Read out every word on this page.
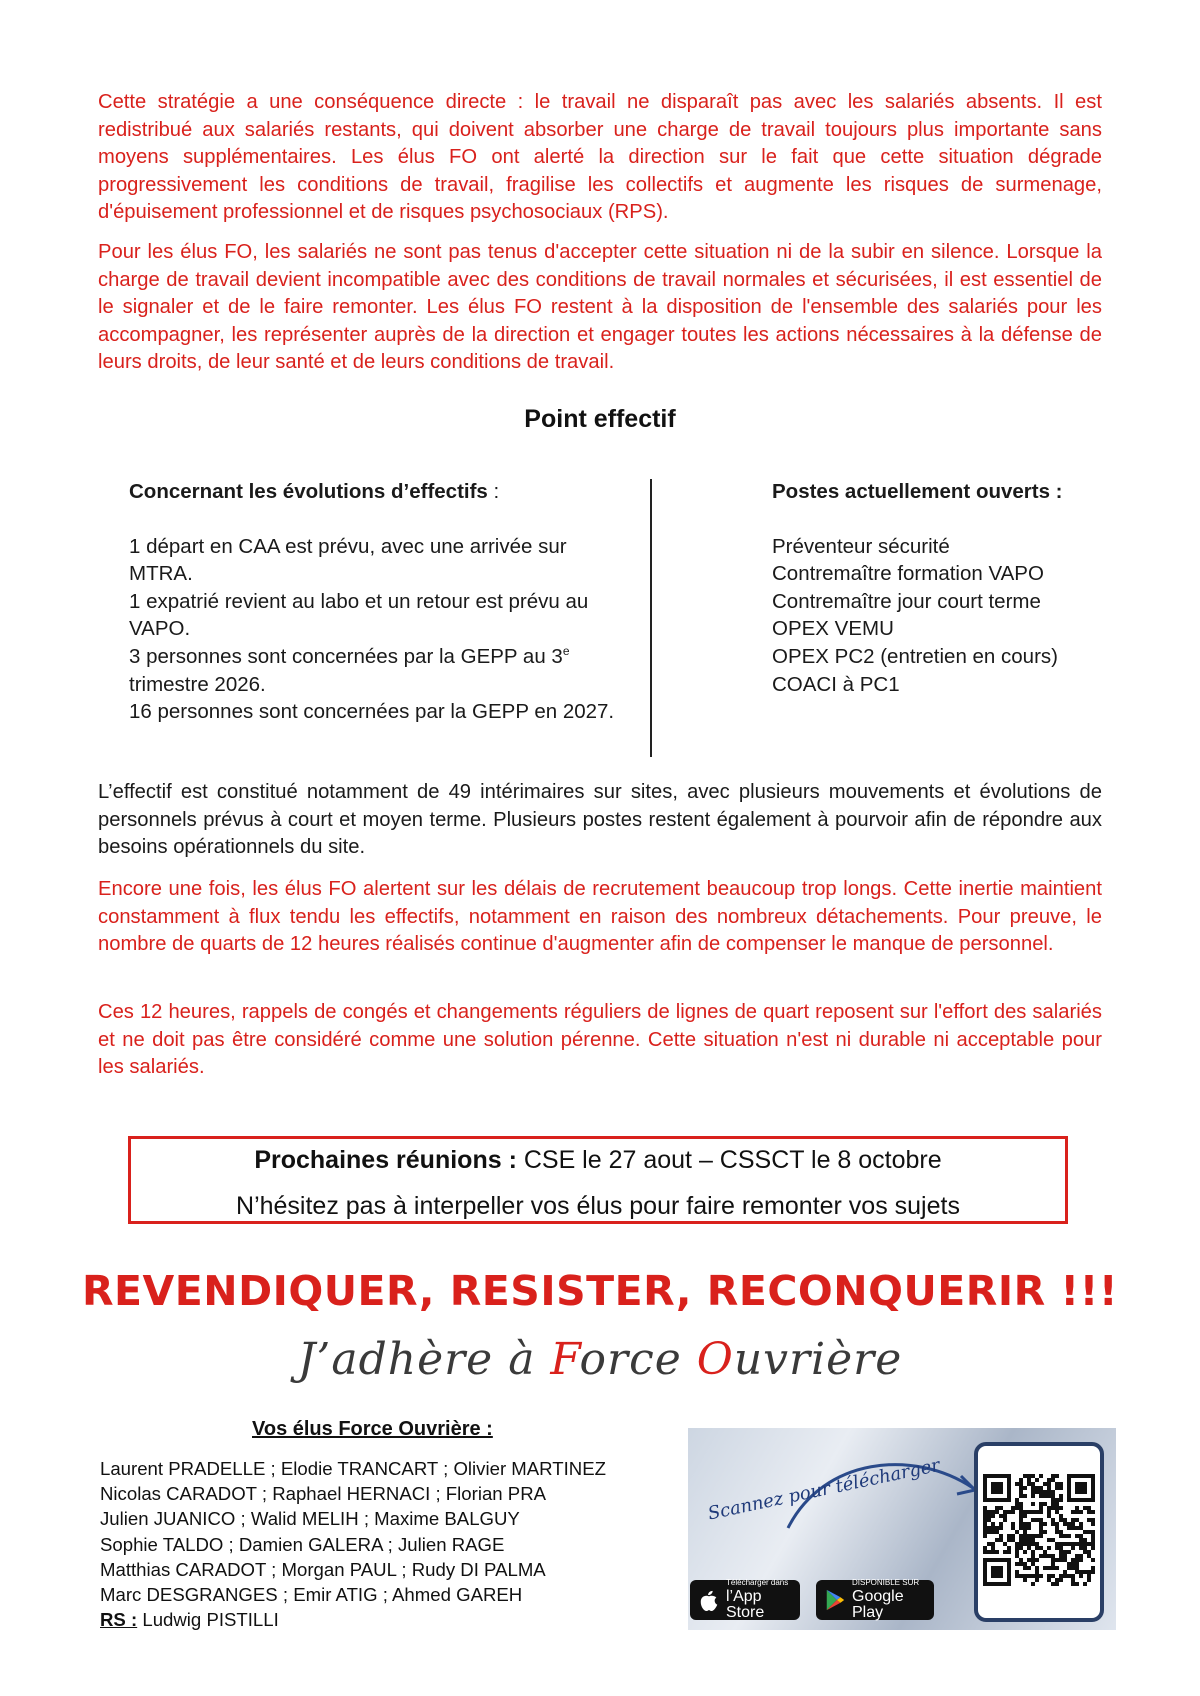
Cette stratégie a une conséquence directe : le travail ne disparaît pas avec les salariés absents. Il est redistribué aux salariés restants, qui doivent absorber une charge de travail toujours plus importante sans moyens supplémentaires. Les élus FO ont alerté la direction sur le fait que cette situation dégrade progressivement les conditions de travail, fragilise les collectifs et augmente les risques de surmenage, d'épuisement professionnel et de risques psychosociaux (RPS).

Pour les élus FO, les salariés ne sont pas tenus d'accepter cette situation ni de la subir en silence. Lorsque la charge de travail devient incompatible avec des conditions de travail normales et sécurisées, il est essentiel de le signaler et de le faire remonter. Les élus FO restent à la disposition de l'ensemble des salariés pour les accompagner, les représenter auprès de la direction et engager toutes les actions nécessaires à la défense de leurs droits, de leur santé et de leurs conditions de travail.

Point effectif

Concernant les évolutions d’effectifs :

1 départ en CAA est prévu, avec une arrivée sur MTRA.
1 expatrié revient au labo et un retour est prévu au VAPO.
3 personnes sont concernées par la GEPP au 3e trimestre 2026.
16 personnes sont concernées par la GEPP en 2027.

Postes actuellement ouverts :

Préventeur sécurité
Contremaître formation VAPO
Contremaître jour court terme
OPEX VEMU
OPEX PC2 (entretien en cours)
COACI à PC1

L’effectif est constitué notamment de 49 intérimaires sur sites, avec plusieurs mouvements et évolutions de personnels prévus à court et moyen terme. Plusieurs postes restent également à pourvoir afin de répondre aux besoins opérationnels du site.

Encore une fois, les élus FO alertent sur les délais de recrutement beaucoup trop longs. Cette inertie maintient constamment à flux tendu les effectifs, notamment en raison des nombreux détachements. Pour preuve, le nombre de quarts de 12 heures réalisés continue d'augmenter afin de compenser le manque de personnel.

Ces 12 heures, rappels de congés et changements réguliers de lignes de quart reposent sur l'effort des salariés et ne doit pas être considéré comme une solution pérenne. Cette situation n'est ni durable ni acceptable pour les salariés.

Prochaines réunions : CSE le 27 aout – CSSCT le 8 octobre
N’hésitez pas à interpeller vos élus pour faire remonter vos sujets
REVENDIQUER, RESISTER, RECONQUERIR !!!
J’adhère à Force Ouvrière
Vos élus Force Ouvrière :
Laurent PRADELLE ; Elodie TRANCART ; Olivier MARTINEZ
Nicolas CARADOT ; Raphael HERNACI ; Florian PRA
Julien JUANICO ; Walid MELIH ; Maxime BALGUY
Sophie TALDO ; Damien GALERA ; Julien RAGE
Matthias CARADOT ; Morgan PAUL ; Rudy DI PALMA
Marc DESGRANGES ; Emir ATIG ; Ahmed GAREH
RS : Ludwig PISTILLI
Scannez pour télécharger
Télécharger dans
l’App Store
DISPONIBLE SUR
Google Play
